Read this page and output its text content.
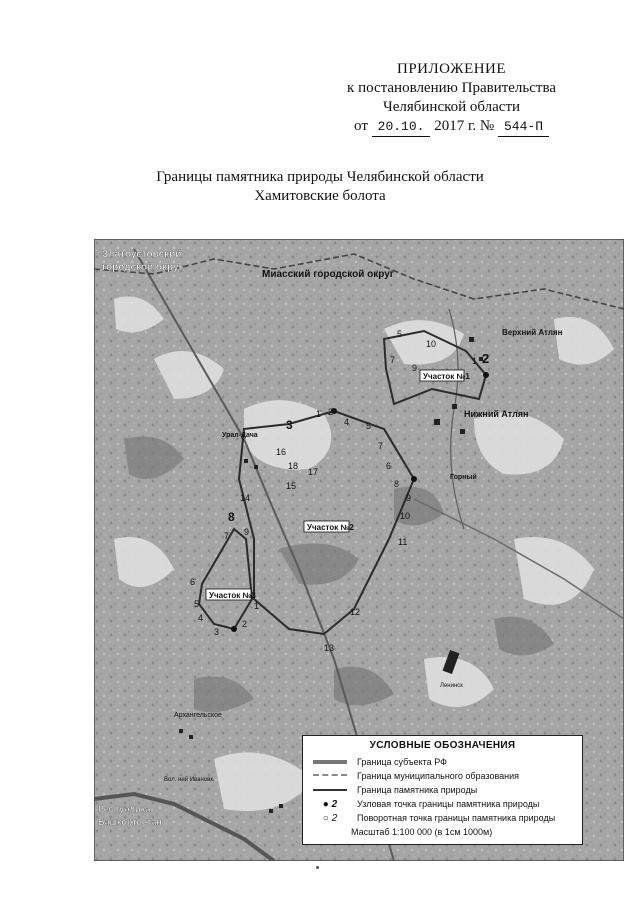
ПРИЛОЖЕНИЕ
к постановлению Правительства
Челябинской области
от 20.10. 2017 г. № 544-П
Границы памятника природы Челябинской области
Хамитовские болота
5
10
9
7	1 2
1 2
3	4 5
6
7
8
9
10
11
12
13
14
15
16
17
18
1
2
3
4
5
6
7
8
9
Участок №1
Участок №2
Участок №3
Златоустовский
городской округ
Миасский городской округ
Верхний Атлян
Нижний Атлян
Урал-Дача
Горный
Архангельское
Ленинск
Вол. ний Ивановк.
Республика
Башкортостан
УСЛОВНЫЕ ОБОЗНАЧЕНИЯ
Граница субъекта РФ
Граница муниципального образования
Граница памятника природы
● 2	Узловая точка границы памятника природы
○ 2	Поворотная точка границы памятника природы
Масштаб 1:100 000 (в 1см 1000м)
